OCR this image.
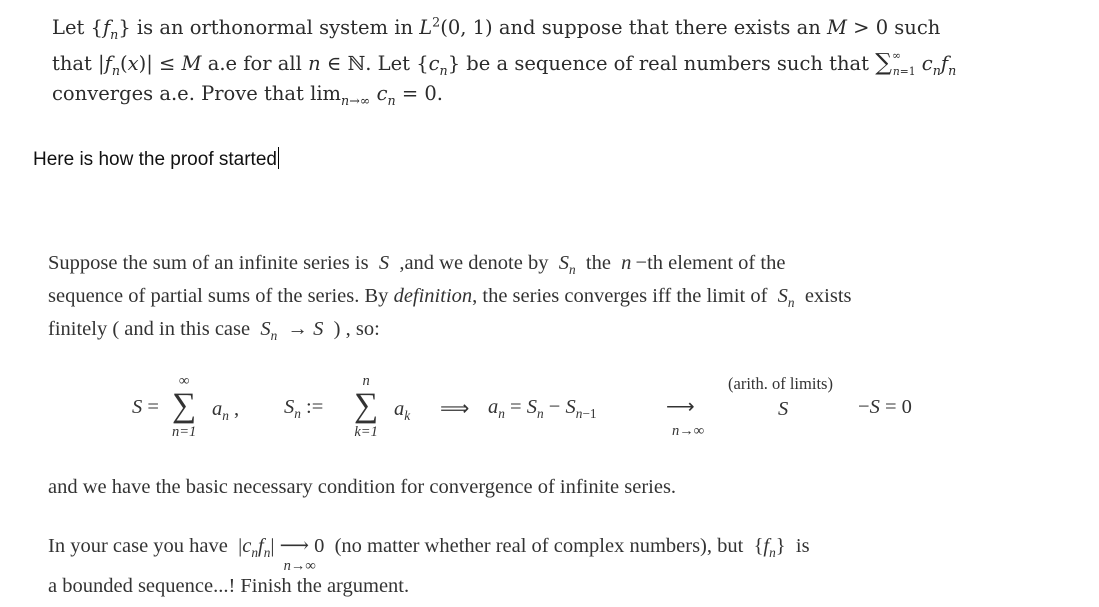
Let $\{f_n\}$ is an orthonormal system in $L^2(0$, 1) and suppose that there exists an M > 0 such
that $|f_n(x)| \le M$ a.e for all n ∈ ℕ. Let $\{c_n\}$ be a sequence of real numbers such that $\sum^\infty_{n=1}$ $c_nf_n$
converges a.e. Prove that $\lim_{n\to\infty} c_n = 0$.
Here is how the proof started
Suppose the sum of an infinite series is  S  ,and we denote by  $S_n$  the  n −th element of the
sequence of partial sums of the series. By definition, the series converges iff the limit of  $S_n$  exists
finitely ( and in this case  $S_n \to S$  ) , so:
S =
∞
∑
n=1
$a_n$ , $S_n$ :=
n
∑
k=1
$a_k$ ⟹ $a_n = S_n - S_{n-1}$	⟶
n→∞
(arith. of limits)
S	−S = 0
and we have the basic necessary condition for convergence of infinite series.
In your case you have  $|c_nf_n|$ ⟶
n→∞
0  (no matter whether real of complex numbers), but  $\{f_n\}$  is
a bounded sequence...! Finish the argument.
